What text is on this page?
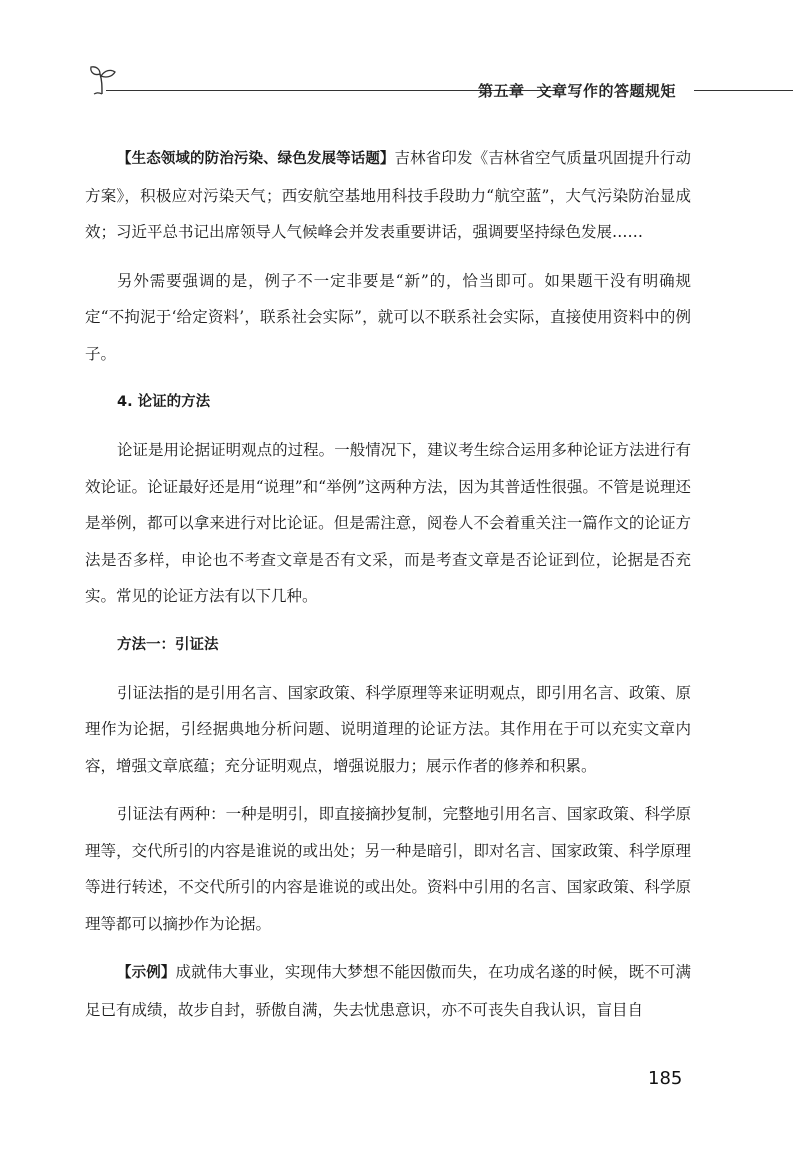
第五章 文章写作的答题规矩

【生态领域的防治污染、绿色发展等话题】吉林省印发《吉林省空气质量巩固提升行动方案》，积极应对污染天气；西安航空基地用科技手段助力“航空蓝”，大气污染防治显成效；习近平总书记出席领导人气候峰会并发表重要讲话，强调要坚持绿色发展……

另外需要强调的是，例子不一定非要是“新”的，恰当即可。如果题干没有明确规定“不拘泥于‘给定资料’，联系社会实际”，就可以不联系社会实际，直接使用资料中的例子。

4. 论证的方法

论证是用论据证明观点的过程。一般情况下，建议考生综合运用多种论证方法进行有效论证。论证最好还是用“说理”和“举例”这两种方法，因为其普适性很强。不管是说理还是举例，都可以拿来进行对比论证。但是需注意，阅卷人不会着重关注一篇作文的论证方法是否多样，申论也不考查文章是否有文采，而是考查文章是否论证到位，论据是否充实。常见的论证方法有以下几种。

方法一：引证法

引证法指的是引用名言、国家政策、科学原理等来证明观点，即引用名言、政策、原理作为论据，引经据典地分析问题、说明道理的论证方法。其作用在于可以充实文章内容，增强文章底蕴；充分证明观点，增强说服力；展示作者的修养和积累。

引证法有两种：一种是明引，即直接摘抄复制，完整地引用名言、国家政策、科学原理等，交代所引的内容是谁说的或出处；另一种是暗引，即对名言、国家政策、科学原理等进行转述，不交代所引的内容是谁说的或出处。资料中引用的名言、国家政策、科学原理等都可以摘抄作为论据。

【示例】成就伟大事业，实现伟大梦想不能因傲而失，在功成名遂的时候，既不可满足已有成绩，故步自封，骄傲自满，失去忧患意识，亦不可丧失自我认识，盲目自

185
